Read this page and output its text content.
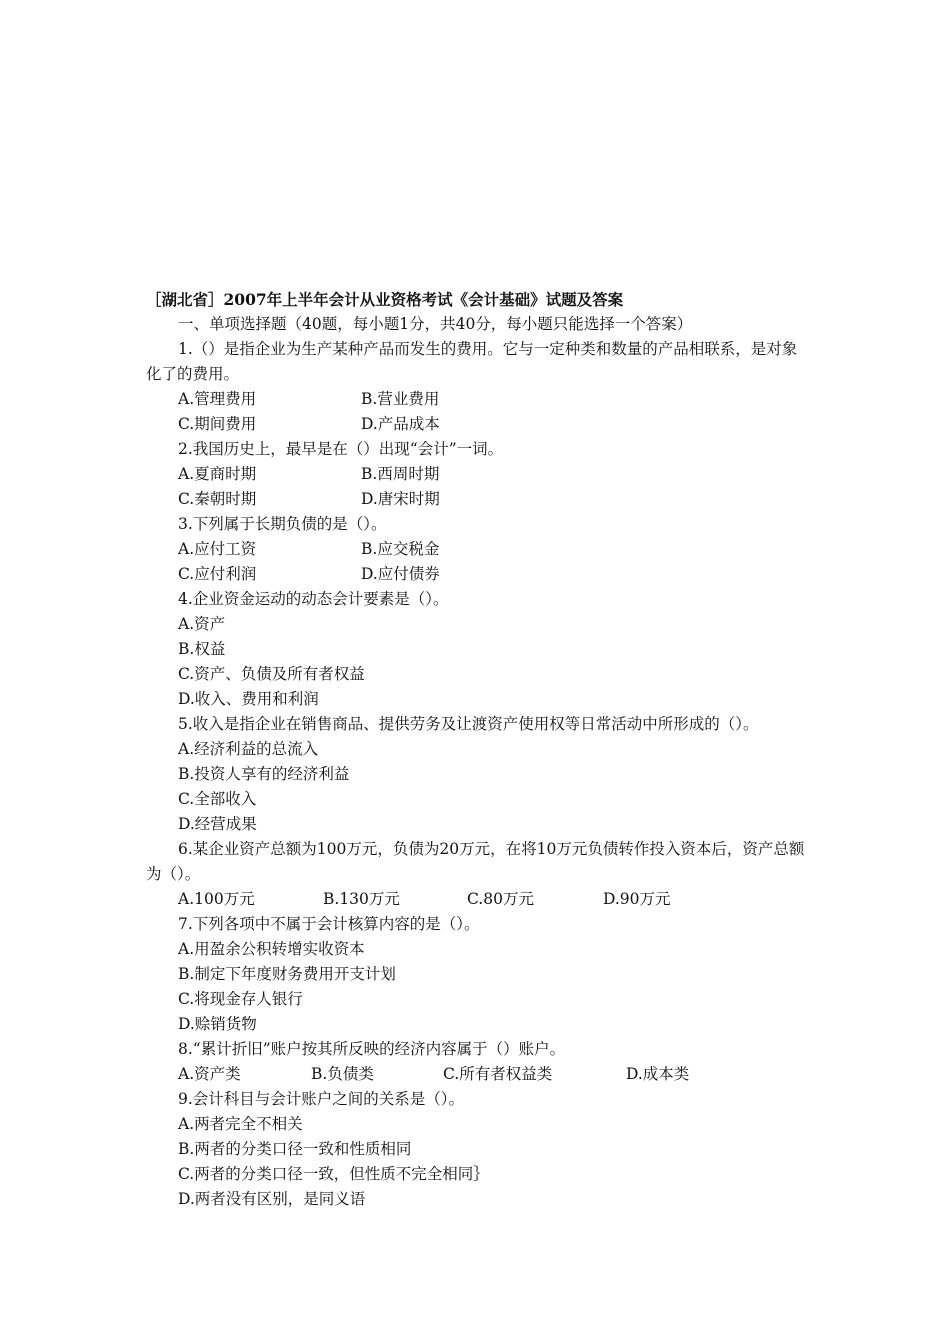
［湖北省］2007年上半年会计从业资格考试《会计基础》试题及答案
一、单项选择题（40题，每小题1分，共40分，每小题只能选择一个答案）
1.（）是指企业为生产某种产品而发生的费用。它与一定种类和数量的产品相联系，是对象化了的费用。
A.管理费用	B.营业费用
C.期间费用	D.产品成本
2.我国历史上，最早是在（）出现“会计”一词。
A.夏商时期	B.西周时期
C.秦朝时期	D.唐宋时期
3.下列属于长期负债的是（）。
A.应付工资	B.应交税金
C.应付利润	D.应付债券
4.企业资金运动的动态会计要素是（）。
A.资产
B.权益
C.资产、负债及所有者权益
D.收入、费用和利润
5.收入是指企业在销售商品、提供劳务及让渡资产使用权等日常活动中所形成的（）。
A.经济利益的总流入
B.投资人享有的经济利益
C.全部收入
D.经营成果
6.某企业资产总额为100万元，负债为20万元，在将10万元负债转作投入资本后，资产总额为（）。
A.100万元	B.130万元	C.80万元	D.90万元
7.下列各项中不属于会计核算内容的是（）。
A.用盈余公积转增实收资本
B.制定下年度财务费用开支计划
C.将现金存人银行
D.赊销货物
8.“累计折旧”账户按其所反映的经济内容属于（）账户。
A.资产类	B.负债类	C.所有者权益类	D.成本类
9.会计科目与会计账户之间的关系是（）。
A.两者完全不相关
B.两者的分类口径一致和性质相同
C.两者的分类口径一致，但性质不完全相同｝
D.两者没有区别，是同义语
